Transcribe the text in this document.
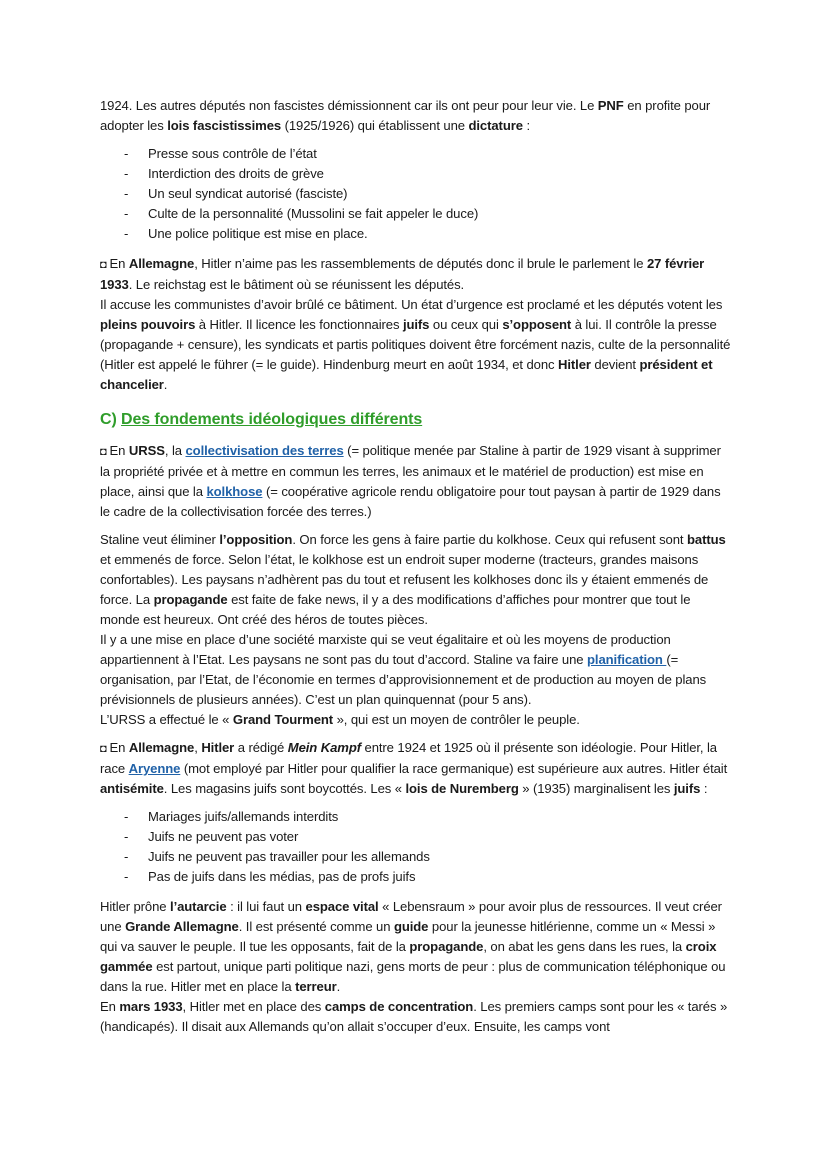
1924. Les autres députés non fascistes démissionnent car ils ont peur pour leur vie. Le PNF en profite pour adopter les lois fascistissimes (1925/1926) qui établissent une dictature :

- Presse sous contrôle de l’état
- Interdiction des droits de grève
- Un seul syndicat autorisé (fasciste)
- Culte de la personnalité (Mussolini se fait appeler le duce)
- Une police politique est mise en place.

◘ En Allemagne, Hitler n’aime pas les rassemblements de députés donc il brule le parlement le 27 février 1933. Le reichstag est le bâtiment où se réunissent les députés.

Il accuse les communistes d’avoir brûlé ce bâtiment. Un état d’urgence est proclamé et les députés votent les pleins pouvoirs à Hitler. Il licence les fonctionnaires juifs ou ceux qui s’opposent à lui. Il contrôle la presse (propagande + censure), les syndicats et partis politiques doivent être forcément nazis, culte de la personnalité (Hitler est appelé le führer (= le guide). Hindenburg meurt en août 1934, et donc Hitler devient président et chancelier.

C) Des fondements idéologiques différents

◘ En URSS, la collectivisation des terres (= politique menée par Staline à partir de 1929 visant à supprimer la propriété privée et à mettre en commun les terres, les animaux et le matériel de production) est mise en place, ainsi que la kolkhose (= coopérative agricole rendu obligatoire pour tout paysan à partir de 1929 dans le cadre de la collectivisation forcée des terres.)

Staline veut éliminer l’opposition. On force les gens à faire partie du kolkhose. Ceux qui refusent sont battus et emmenés de force. Selon l’état, le kolkhose est un endroit super moderne (tracteurs, grandes maisons confortables). Les paysans n’adhèrent pas du tout et refusent les kolkhoses donc ils y étaient emmenés de force. La propagande est faite de fake news, il y a des modifications d’affiches pour montrer que tout le monde est heureux. Ont créé des héros de toutes pièces.

Il y a une mise en place d’une société marxiste qui se veut égalitaire et où les moyens de production appartiennent à l’Etat. Les paysans ne sont pas du tout d’accord. Staline va faire une planification (= organisation, par l’Etat, de l’économie en termes d’approvisionnement et de production au moyen de plans prévisionnels de plusieurs années). C’est un plan quinquennat (pour 5 ans).

L’URSS a effectué le « Grand Tourment », qui est un moyen de contrôler le peuple.

◘ En Allemagne, Hitler a rédigé Mein Kampf entre 1924 et 1925 où il présente son idéologie. Pour Hitler, la race Aryenne (mot employé par Hitler pour qualifier la race germanique) est supérieure aux autres. Hitler était antisémite. Les magasins juifs sont boycottés. Les « lois de Nuremberg » (1935) marginalisent les juifs :

- Mariages juifs/allemands interdits
- Juifs ne peuvent pas voter
- Juifs ne peuvent pas travailler pour les allemands
- Pas de juifs dans les médias, pas de profs juifs

Hitler prône l’autarcie : il lui faut un espace vital « Lebensraum » pour avoir plus de ressources. Il veut créer une Grande Allemagne. Il est présenté comme un guide pour la jeunesse hitlérienne, comme un « Messi » qui va sauver le peuple. Il tue les opposants, fait de la propagande, on abat les gens dans les rues, la croix gammée est partout, unique parti politique nazi, gens morts de peur : plus de communication téléphonique ou dans la rue. Hitler met en place la terreur.

En mars 1933, Hitler met en place des camps de concentration. Les premiers camps sont pour les « tarés » (handicapés). Il disait aux Allemands qu’on allait s’occuper d’eux. Ensuite, les camps vont
